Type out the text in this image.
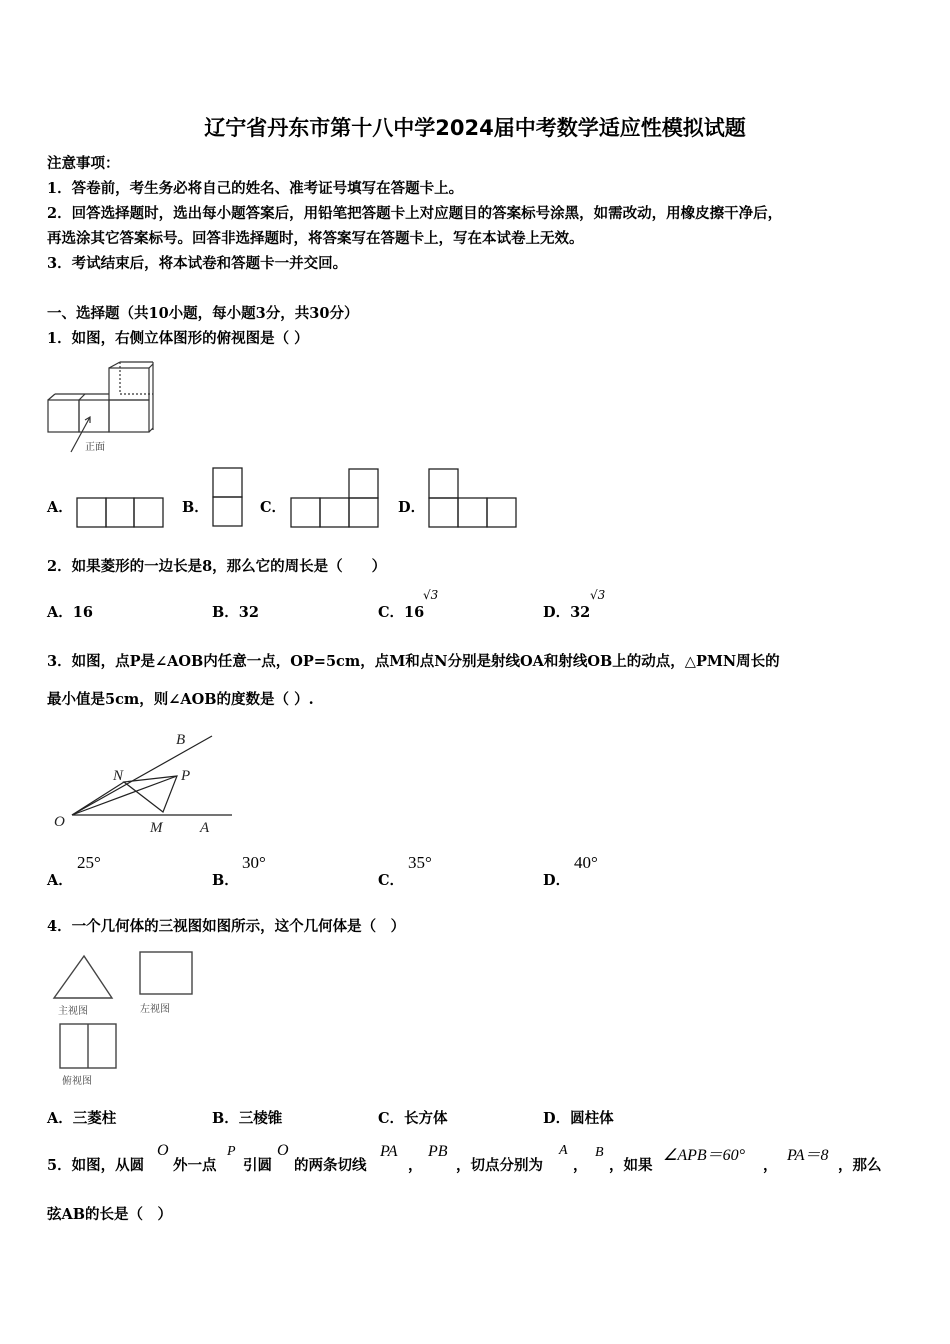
辽宁省丹东市第十八中学2024届中考数学适应性模拟试题
注意事项：
1．答卷前，考生务必将自己的姓名、准考证号填写在答题卡上。
2．回答选择题时，选出每小题答案后，用铅笔把答题卡上对应题目的答案标号涂黑，如需改动，用橡皮擦干净后，
再选涂其它答案标号。回答非选择题时，将答案写在答题卡上，写在本试卷上无效。
3．考试结束后，将本试卷和答题卡一并交回。
一、选择题（共10小题，每小题3分，共30分）
1．如图，右侧立体图形的俯视图是（ ）
正面
A．	B．	C．	D．
2．如果菱形的一边长是8，那么它的周长是（　　）
A．16	B．32	C．16
√3
D．32
√3
3．如图，点P是∠AOB内任意一点，OP=5cm，点M和点N分别是射线OA和射线OB上的动点，△PMN周长的
最小值是5cm，则∠AOB的度数是（ ）.
B
N	P
O	M	A
A．
25°
B．
30°
C．
35°
D．
40°
4．一个几何体的三视图如图所示，这个几何体是（　）
主视图	左视图
俯视图
A．三菱柱	B．三棱锥	C．长方体	D．圆柱体
5．如图，从圆
O
外一点
P
引圆
O
的两条切线
PA
，
PB
，切点分别为
A
，
B
，如果
∠APB＝60°
，
PA＝8
，那么
弦AB的长是（　）
